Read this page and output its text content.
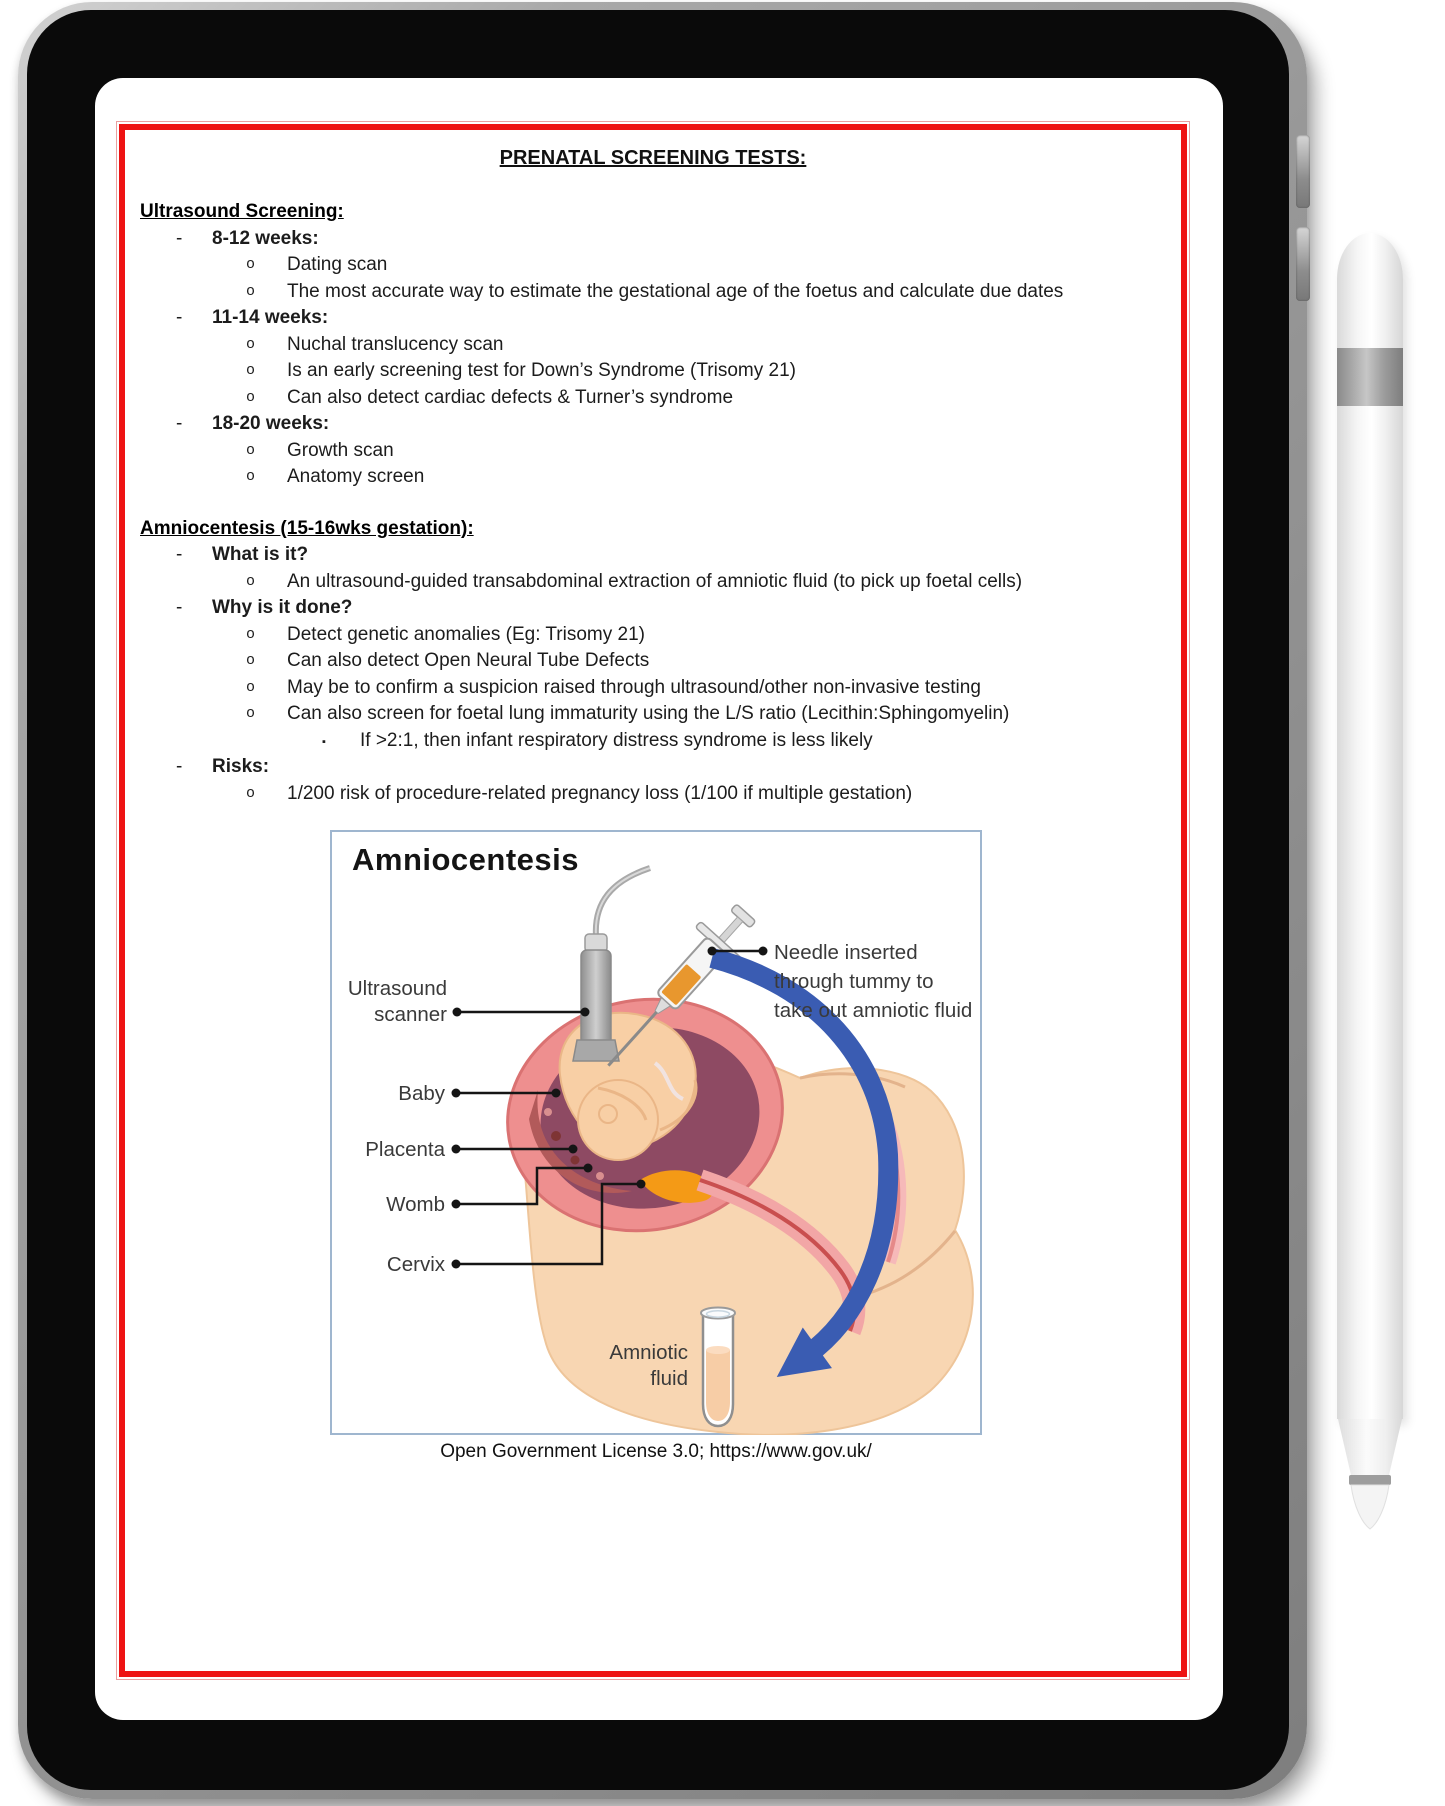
PRENATAL SCREENING TESTS:
Ultrasound Screening:
- 8-12 weeks:
o Dating scan
o The most accurate way to estimate the gestational age of the foetus and calculate due dates
- 11-14 weeks:
o Nuchal translucency scan
o Is an early screening test for Down’s Syndrome (Trisomy 21)
o Can also detect cardiac defects & Turner’s syndrome
- 18-20 weeks:
o Growth scan
o Anatomy screen
Amniocentesis (15-16wks gestation):
- What is it?
o An ultrasound-guided transabdominal extraction of amniotic fluid (to pick up foetal cells)
- Why is it done?
o Detect genetic anomalies (Eg: Trisomy 21)
o Can also detect Open Neural Tube Defects
o May be to confirm a suspicion raised through ultrasound/other non-invasive testing
o Can also screen for foetal lung immaturity using the L/S ratio (Lecithin:Sphingomyelin)
▪ If >2:1, then infant respiratory distress syndrome is less likely
- Risks:
o 1/200 risk of procedure-related pregnancy loss (1/100 if multiple gestation)
Amniocentesis
Ultrasound
scanner
Baby
Placenta
Womb
Cervix
Needle inserted
through tummy to
take out amniotic fluid
Amniotic
fluid
Open Government License 3.0; https://www.gov.uk/
